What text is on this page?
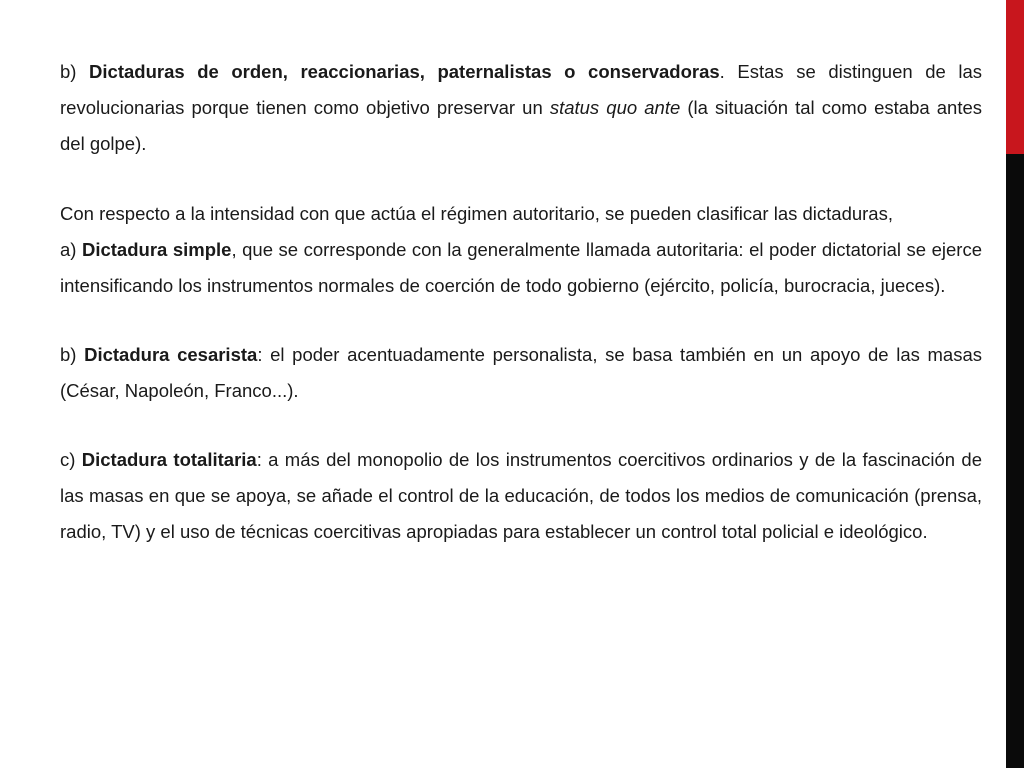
b) Dictaduras de orden, reaccionarias, paternalistas o conservadoras. Estas se distinguen de las revolucionarias porque tienen como objetivo preservar un status quo ante (la situación tal como estaba antes del golpe).

Con respecto a la intensidad con que actúa el régimen autoritario, se pueden clasificar las dictaduras,
a) Dictadura simple, que se corresponde con la generalmente llamada autoritaria: el poder dictatorial se ejerce intensificando los instrumentos normales de coerción de todo gobierno (ejército, policía, burocracia, jueces).

b) Dictadura cesarista: el poder acentuadamente personalista, se basa también en un apoyo de las masas (César, Napoleón, Franco...).

c) Dictadura totalitaria: a más del monopolio de los instrumentos coercitivos ordinarios y de la fascinación de las masas en que se apoya, se añade el control de la educación, de todos los medios de comunicación (prensa, radio, TV) y el uso de técnicas coercitivas apropiadas para establecer un control total policial e ideológico.
